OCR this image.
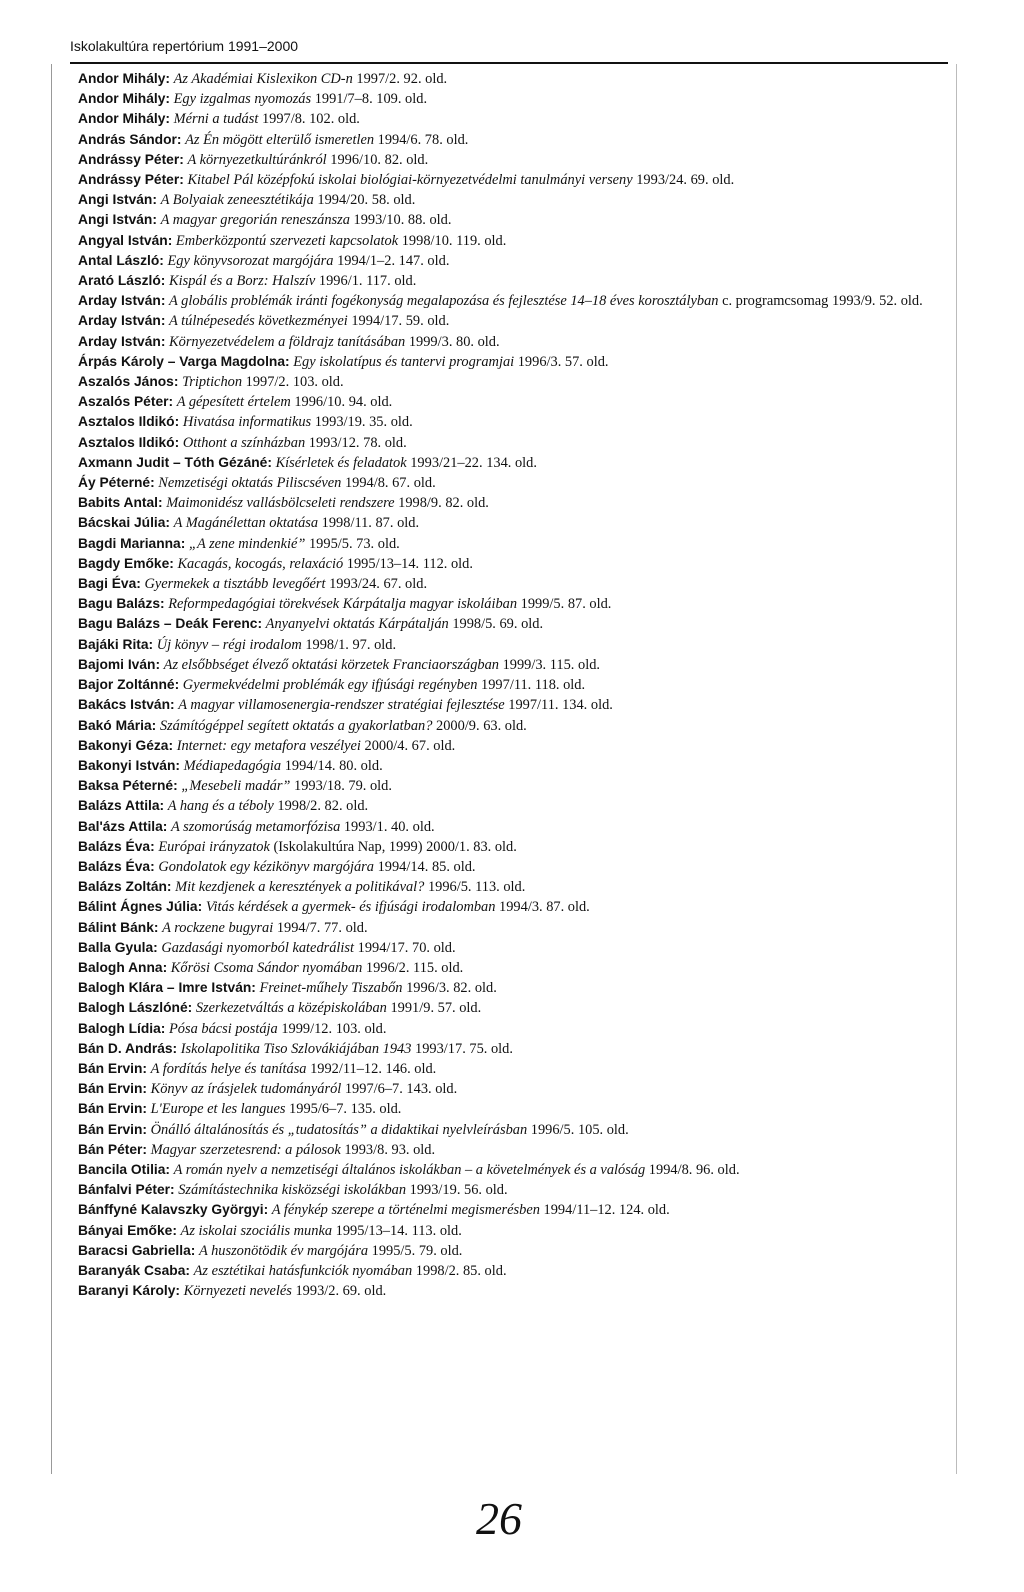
Iskolakultúra repertórium 1991–2000

Andor Mihály: Az Akadémiai Kislexikon CD-n 1997/2. 92. old.

Andor Mihály: Egy izgalmas nyomozás 1991/7–8. 109. old.

Andor Mihály: Mérni a tudást 1997/8. 102. old.

András Sándor: Az Én mögött elterülő ismeretlen 1994/6. 78. old.

Andrássy Péter: A környezetkultúránkról 1996/10. 82. old.

Andrássy Péter: Kitabel Pál középfokú iskolai biológiai-környezetvédelmi tanulmányi verseny 1993/24. 69. old.

Angi István: A Bolyaiak zeneesztétikája 1994/20. 58. old.

Angi István: A magyar gregorián reneszánsza 1993/10. 88. old.

Angyal István: Emberközpontú szervezeti kapcsolatok 1998/10. 119. old.

Antal László: Egy könyvsorozat margójára 1994/1–2. 147. old.

Arató László: Kispál és a Borz: Halszív 1996/1. 117. old.

Arday István: A globális problémák iránti fogékonyság megalapozása és fejlesztése 14–18 éves korosztályban c. programcsomag 1993/9. 52. old.

Arday István: A túlnépesedés következményei 1994/17. 59. old.

Arday István: Környezetvédelem a földrajz tanításában 1999/3. 80. old.

Árpás Károly – Varga Magdolna: Egy iskolatípus és tantervi programjai 1996/3. 57. old.

Aszalós János: Triptichon 1997/2. 103. old.

Aszalós Péter: A gépesített értelem 1996/10. 94. old.

Asztalos Ildikó: Hivatása informatikus 1993/19. 35. old.

Asztalos Ildikó: Otthont a színházban 1993/12. 78. old.

Axmann Judit – Tóth Gézáné: Kísérletek és feladatok 1993/21–22. 134. old.

Áy Péterné: Nemzetiségi oktatás Piliscséven 1994/8. 67. old.

Babits Antal: Maimonidész vallásbölcseleti rendszere 1998/9. 82. old.

Bácskai Júlia: A Magánélettan oktatása 1998/11. 87. old.

Bagdi Marianna: „A zene mindenkié” 1995/5. 73. old.

Bagdy Emőke: Kacagás, kocogás, relaxáció 1995/13–14. 112. old.

Bagi Éva: Gyermekek a tisztább levegőért 1993/24. 67. old.

Bagu Balázs: Reformpedagógiai törekvések Kárpátalja magyar iskoláiban 1999/5. 87. old.

Bagu Balázs – Deák Ferenc: Anyanyelvi oktatás Kárpátalján 1998/5. 69. old.

Bajáki Rita: Új könyv – régi irodalom 1998/1. 97. old.

Bajomi Iván: Az elsőbbséget élvező oktatási körzetek Franciaországban 1999/3. 115. old.

Bajor Zoltánné: Gyermekvédelmi problémák egy ifjúsági regényben 1997/11. 118. old.

Bakács István: A magyar villamosenergia-rendszer stratégiai fejlesztése 1997/11. 134. old.

Bakó Mária: Számítógéppel segített oktatás a gyakorlatban? 2000/9. 63. old.

Bakonyi Géza: Internet: egy metafora veszélyei 2000/4. 67. old.

Bakonyi István: Médiapedagógia 1994/14. 80. old.

Baksa Péterné: „Mesebeli madár” 1993/18. 79. old.

Balázs Attila: A hang és a téboly 1998/2. 82. old.

Bal'ázs Attila: A szomorúság metamorfózisa 1993/1. 40. old.

Balázs Éva: Európai irányzatok (Iskolakultúra Nap, 1999) 2000/1. 83. old.

Balázs Éva: Gondolatok egy kézikönyv margójára 1994/14. 85. old.

Balázs Zoltán: Mit kezdjenek a keresztények a politikával? 1996/5. 113. old.

Bálint Ágnes Júlia: Vitás kérdések a gyermek- és ifjúsági irodalomban 1994/3. 87. old.

Bálint Bánk: A rockzene bugyrai 1994/7. 77. old.

Balla Gyula: Gazdasági nyomorból katedrálist 1994/17. 70. old.

Balogh Anna: Kőrösi Csoma Sándor nyomában 1996/2. 115. old.

Balogh Klára – Imre István: Freinet-műhely Tiszabőn 1996/3. 82. old.

Balogh Lászlóné: Szerkezetváltás a középiskolában 1991/9. 57. old.

Balogh Lídia: Pósa bácsi postája 1999/12. 103. old.

Bán D. András: Iskolapolitika Tiso Szlovákiájában 1943 1993/17. 75. old.

Bán Ervin: A fordítás helye és tanítása 1992/11–12. 146. old.

Bán Ervin: Könyv az írásjelek tudományáról 1997/6–7. 143. old.

Bán Ervin: L'Europe et les langues 1995/6–7. 135. old.

Bán Ervin: Önálló általánosítás és „tudatosítás” a didaktikai nyelvleírásban 1996/5. 105. old.

Bán Péter: Magyar szerzetesrend: a pálosok 1993/8. 93. old.

Bancila Otilia: A román nyelv a nemzetiségi általános iskolákban – a követelmények és a valóság 1994/8. 96. old.

Bánfalvi Péter: Számítástechnika kisközségi iskolákban 1993/19. 56. old.

Bánffyné Kalavszky Györgyi: A fénykép szerepe a történelmi megismerésben 1994/11–12. 124. old.

Bányai Emőke: Az iskolai szociális munka 1995/13–14. 113. old.

Baracsi Gabriella: A huszonötödik év margójára 1995/5. 79. old.

Baranyák Csaba: Az esztétikai hatásfunkciók nyomában 1998/2. 85. old.

Baranyi Károly: Környezeti nevelés 1993/2. 69. old.

26
